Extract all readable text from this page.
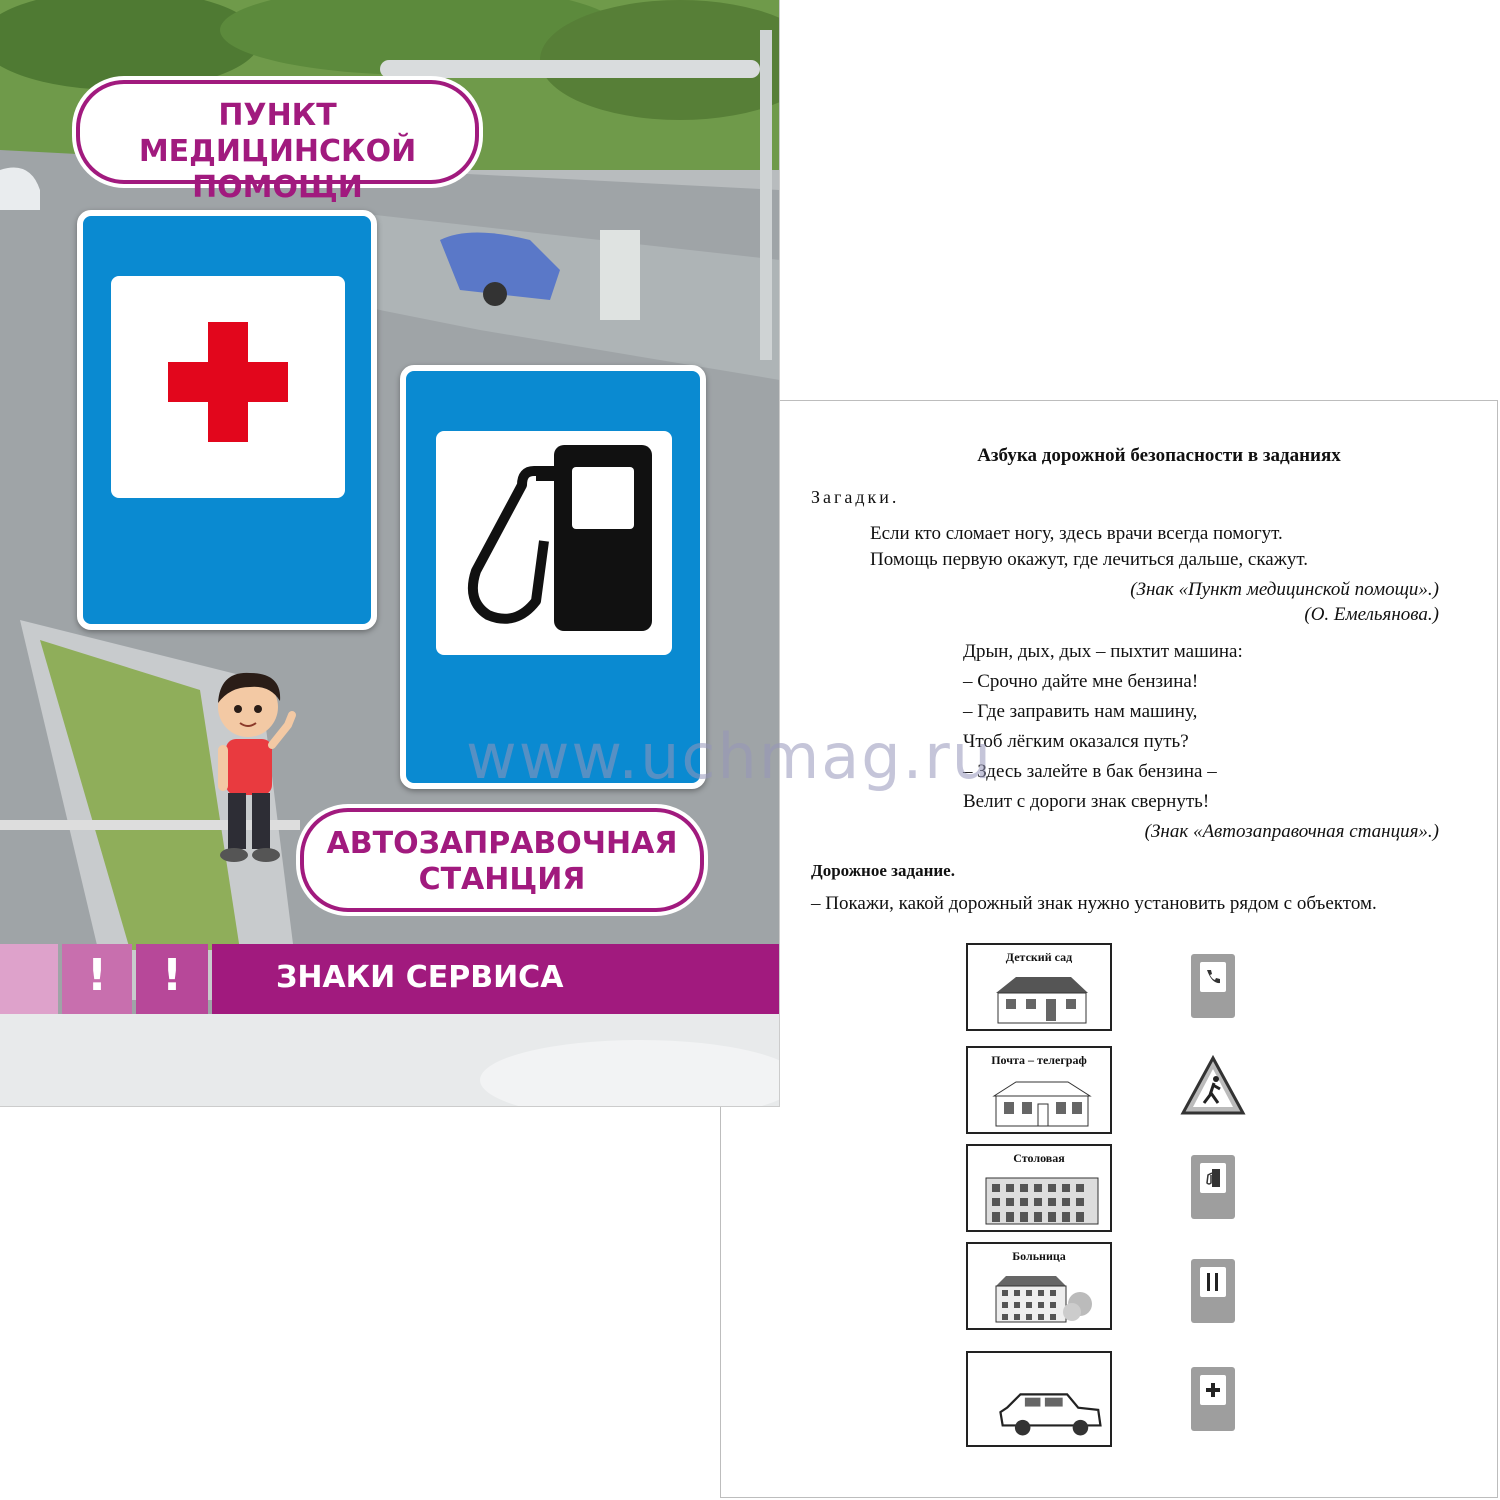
Азбука дорожной безопасности в заданиях
Загадки.
Если кто сломает ногу, здесь врачи всегда помогут.
Помощь первую окажут, где лечиться дальше, скажут.
(Знак «Пункт медицинской помощи».)
(О. Емельянова.)
Дрын, дых, дых – пыхтит машина:
– Срочно дайте мне бензина!
– Где заправить нам машину,
Чтоб лёгким оказался путь?
– Здесь залейте в бак бензина –
Велит с дороги знак свернуть!
(Знак «Автозаправочная станция».)
Дорожное задание.
– Покажи, какой дорожный знак нужно установить рядом с объектом.
Детский сад
Почта – телеграф
Столовая
Больница
ПУНКТ МЕДИЦИНСКОЙ
ПОМОЩИ
АВТОЗАПРАВОЧНАЯ
СТАНЦИЯ
!	!	ЗНАКИ СЕРВИСА
www.uchmag.ru
